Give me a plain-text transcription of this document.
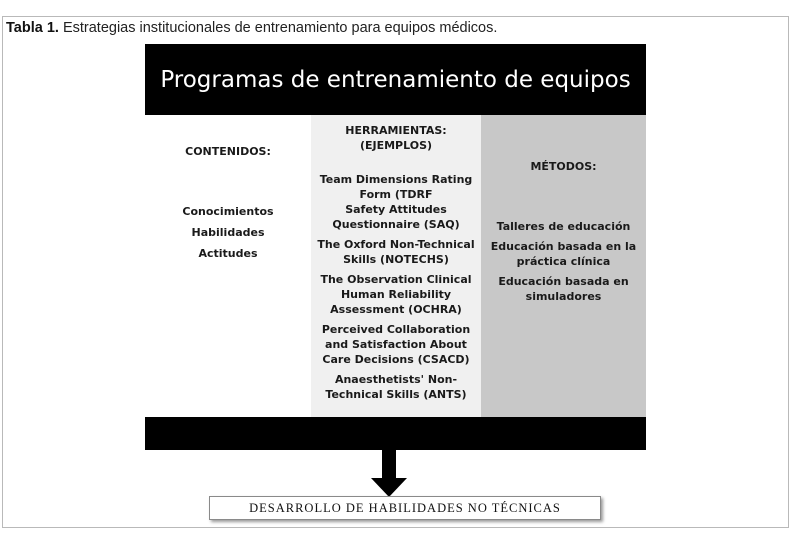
Tabla 1. Estrategias institucionales de entrenamiento para equipos médicos.
Programas de entrenamiento de equipos
CONTENIDOS:
Conocimientos
Habilidades
Actitudes
HERRAMIENTAS: (EJEMPLOS)
Team Dimensions Rating Form (TDRF
Safety Attitudes Questionnaire (SAQ)
The Oxford Non-Technical Skills (NOTECHS)
The Observation Clinical Human Reliability Assessment (OCHRA)
Perceived Collaboration and Satisfaction About Care Decisions (CSACD)
Anaesthetists' Non-Technical Skills (ANTS)
MÉTODOS:
Talleres de educación
Educación basada en la práctica clínica
Educación basada en simuladores
DESARROLLO DE HABILIDADES NO TÉCNICAS
